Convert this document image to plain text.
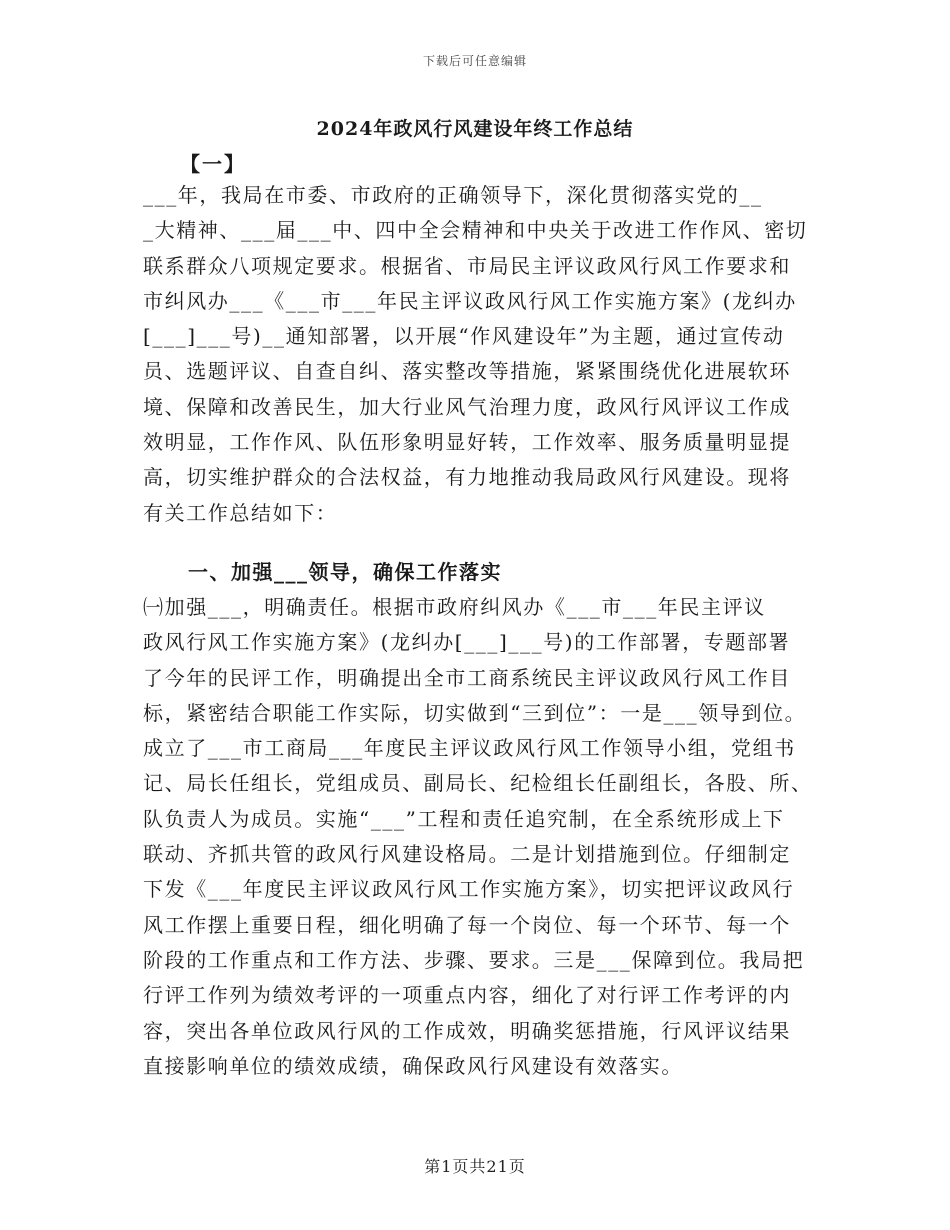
下载后可任意编辑
2024年政风行风建设年终工作总结
【一】
___年，我局在市委、市政府的正确领导下，深化贯彻落实党的__
_大精神、___届___中、四中全会精神和中央关于改进工作作风、密切
联系群众八项规定要求。根据省、市局民主评议政风行风工作要求和
市纠风办___《___市___年民主评议政风行风工作实施方案》(龙纠办
[___]___号)__通知部署，以开展“作风建设年”为主题，通过宣传动
员、选题评议、自查自纠、落实整改等措施，紧紧围绕优化进展软环
境、保障和改善民生，加大行业风气治理力度，政风行风评议工作成
效明显，工作作风、队伍形象明显好转，工作效率、服务质量明显提
高，切实维护群众的合法权益，有力地推动我局政风行风建设。现将
有关工作总结如下：
一、加强___领导，确保工作落实
㈠加强___，明确责任。根据市政府纠风办《___市___年民主评议
政风行风工作实施方案》(龙纠办[___]___号)的工作部署，专题部署
了今年的民评工作，明确提出全市工商系统民主评议政风行风工作目
标，紧密结合职能工作实际，切实做到“三到位”：一是___领导到位。
成立了___市工商局___年度民主评议政风行风工作领导小组，党组书
记、局长任组长，党组成员、副局长、纪检组长任副组长，各股、所、
队负责人为成员。实施“___”工程和责任追究制，在全系统形成上下
联动、齐抓共管的政风行风建设格局。二是计划措施到位。仔细制定
下发《___年度民主评议政风行风工作实施方案》，切实把评议政风行
风工作摆上重要日程，细化明确了每一个岗位、每一个环节、每一个
阶段的工作重点和工作方法、步骤、要求。三是___保障到位。我局把
行评工作列为绩效考评的一项重点内容，细化了对行评工作考评的内
容，突出各单位政风行风的工作成效，明确奖惩措施，行风评议结果
直接影响单位的绩效成绩，确保政风行风建设有效落实。
第1页共21页
